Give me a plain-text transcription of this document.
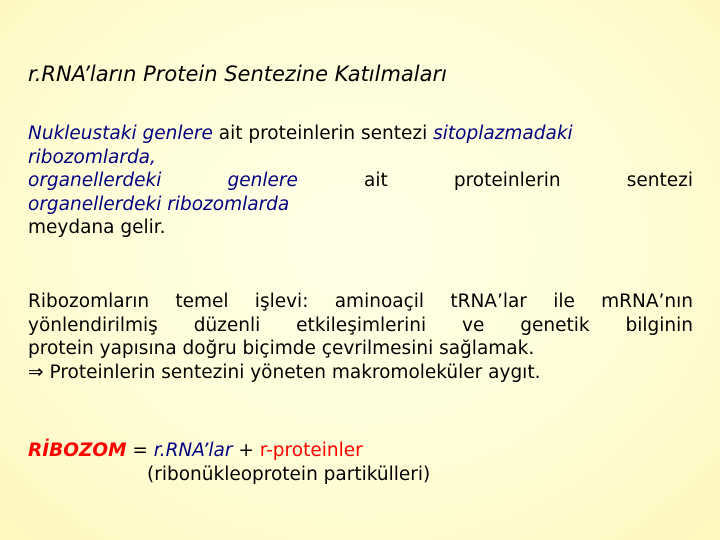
r.RNA’ların Protein Sentezine Katılmaları
Nukleustaki genlere ait proteinlerin sentezi sitoplazmadaki
ribozomlarda,
organellerdeki	genlere	ait	proteinlerin	sentezi
organellerdeki ribozomlarda
meydana gelir.
Ribozomların temel işlevi: aminoaçil tRNA’lar ile mRNA’nın
yönlendirilmiş düzenli etkileşimlerini ve genetik bilginin
protein yapısına doğru biçimde çevrilmesini sağlamak.
⇒ Proteinlerin sentezini yöneten makromoleküler aygıt.
RİBOZOM = r.RNA’lar + r-proteinler
(ribonükleoprotein partikülleri)
